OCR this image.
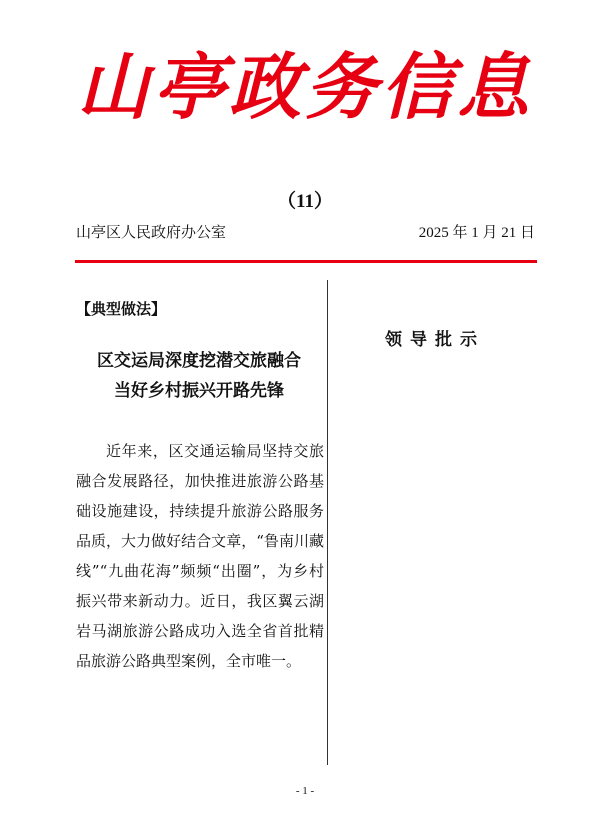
山亭政务信息
（11）
山亭区人民政府办公室	2025 年 1 月 21 日
【典型做法】
区交运局深度挖潜交旅融合
当好乡村振兴开路先锋
近年来，区交通运输局坚持交旅融合发展路径，加快推进旅游公路基础设施建设，持续提升旅游公路服务品质，大力做好结合文章，“鲁南川藏线”“九曲花海”频频“出圈”，为乡村振兴带来新动力。近日，我区翼云湖岩马湖旅游公路成功入选全省首批精品旅游公路典型案例，全市唯一。
领导批示
- 1 -
